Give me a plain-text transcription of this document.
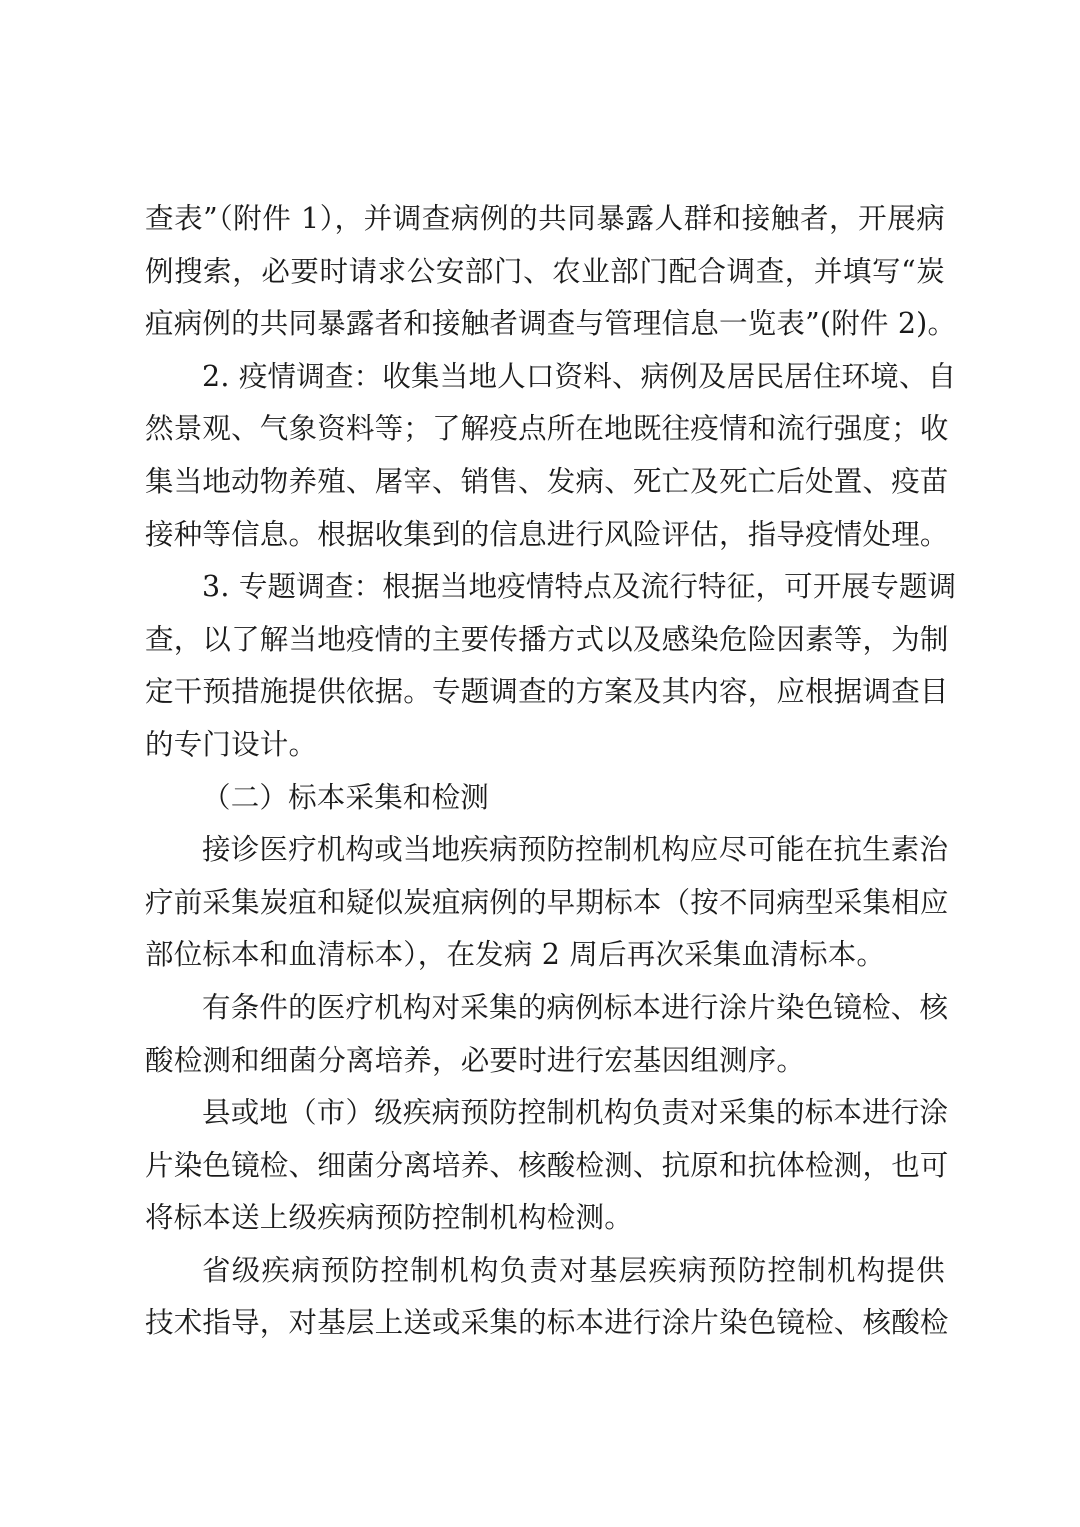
查表”（附件 1），并调查病例的共同暴露人群和接触者，开展病
例搜索，必要时请求公安部门、农业部门配合调查，并填写“炭
疽病例的共同暴露者和接触者调查与管理信息一览表”(附件 2)。
2. 疫情调查：收集当地人口资料、病例及居民居住环境、自
然景观、气象资料等；了解疫点所在地既往疫情和流行强度；收
集当地动物养殖、屠宰、销售、发病、死亡及死亡后处置、疫苗
接种等信息。根据收集到的信息进行风险评估，指导疫情处理。
3. 专题调查：根据当地疫情特点及流行特征，可开展专题调
查，以了解当地疫情的主要传播方式以及感染危险因素等，为制
定干预措施提供依据。专题调查的方案及其内容，应根据调查目
的专门设计。
（二）标本采集和检测
接诊医疗机构或当地疾病预防控制机构应尽可能在抗生素治
疗前采集炭疽和疑似炭疽病例的早期标本（按不同病型采集相应
部位标本和血清标本），在发病 2 周后再次采集血清标本。
有条件的医疗机构对采集的病例标本进行涂片染色镜检、核
酸检测和细菌分离培养，必要时进行宏基因组测序。
县或地（市）级疾病预防控制机构负责对采集的标本进行涂
片染色镜检、细菌分离培养、核酸检测、抗原和抗体检测，也可
将标本送上级疾病预防控制机构检测。
省级疾病预防控制机构负责对基层疾病预防控制机构提供
技术指导，对基层上送或采集的标本进行涂片染色镜检、核酸检
